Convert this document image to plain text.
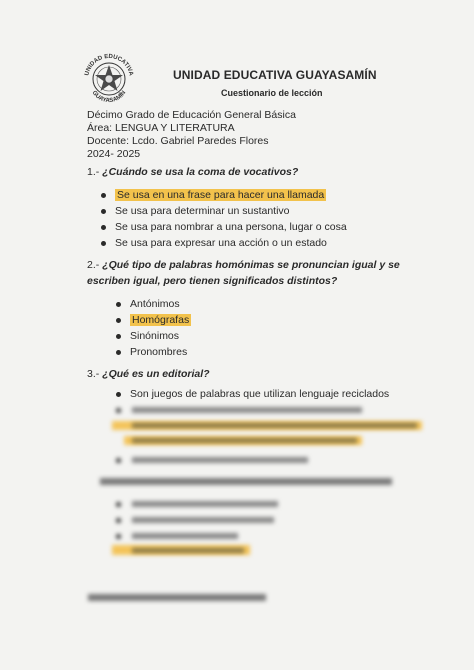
UNIDAD EDUCATIVA
GUAYASAMÍN
UNIDAD EDUCATIVA GUAYASAMÍN
Cuestionario de lección
Décimo Grado de Educación General Básica
Área: LENGUA Y LITERATURA
Docente: Lcdo. Gabriel Paredes Flores
2024- 2025
1.- ¿Cuándo se usa la coma de vocativos?
Se usa en una frase para hacer una llamada
Se usa para determinar un sustantivo
Se usa para nombrar a una persona, lugar o cosa
Se usa para expresar una acción o un estado
2.- ¿Qué tipo de palabras homónimas se pronuncian igual y se escriben igual, pero tienen significados distintos?
Antónimos
Homógrafas
Sinónimos
Pronombres
3.- ¿Qué es un editorial?
Son juegos de palabras que utilizan lenguaje reciclados
